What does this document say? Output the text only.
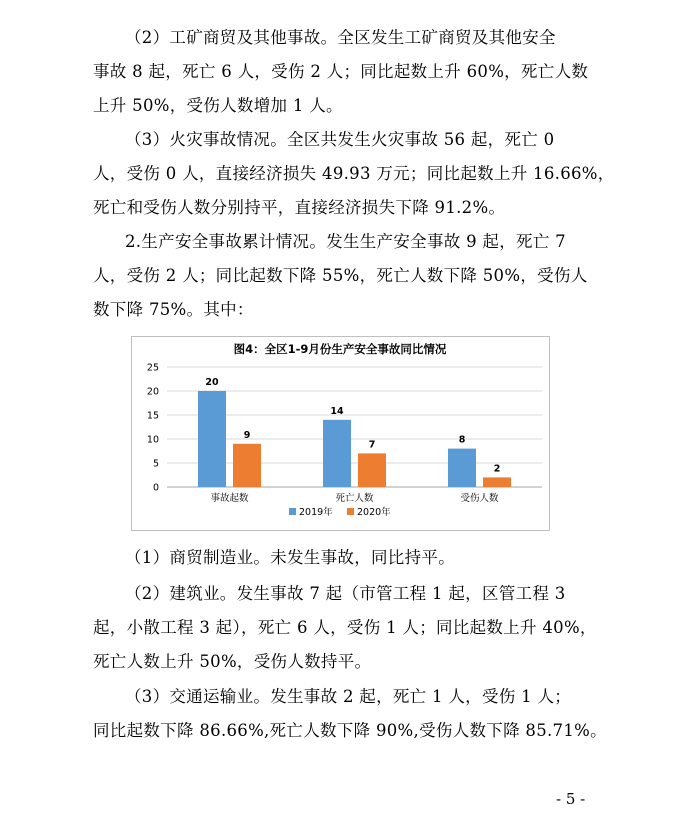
（2）工矿商贸及其他事故。全区发生工矿商贸及其他安全
事故 8 起，死亡 6 人，受伤 2 人；同比起数上升 60%，死亡人数
上升 50%，受伤人数增加 1 人。
（3）火灾事故情况。全区共发生火灾事故 56 起，死亡 0
人，受伤 0 人，直接经济损失 49.93 万元；同比起数上升 16.66%，
死亡和受伤人数分别持平，直接经济损失下降 91.2%。
2.生产安全事故累计情况。发生生产安全事故 9 起，死亡 7
人，受伤 2 人；同比起数下降 55%，死亡人数下降 50%，受伤人
数下降 75%。其中：
图4：全区1-9月份生产安全事故同比情况
0
5
10
15
20
25
事故起数	死亡人数	受伤人数
20
9
14
7	8
2
2019年	2020年
（1）商贸制造业。未发生事故，同比持平。
（2）建筑业。发生事故 7 起（市管工程 1 起，区管工程 3
起，小散工程 3 起），死亡 6 人，受伤 1 人；同比起数上升 40%，
死亡人数上升 50%，受伤人数持平。
（3）交通运输业。发生事故 2 起，死亡 1 人，受伤 1 人；
同比起数下降 86.66%,死亡人数下降 90%,受伤人数下降 85.71%。
- 5 -
